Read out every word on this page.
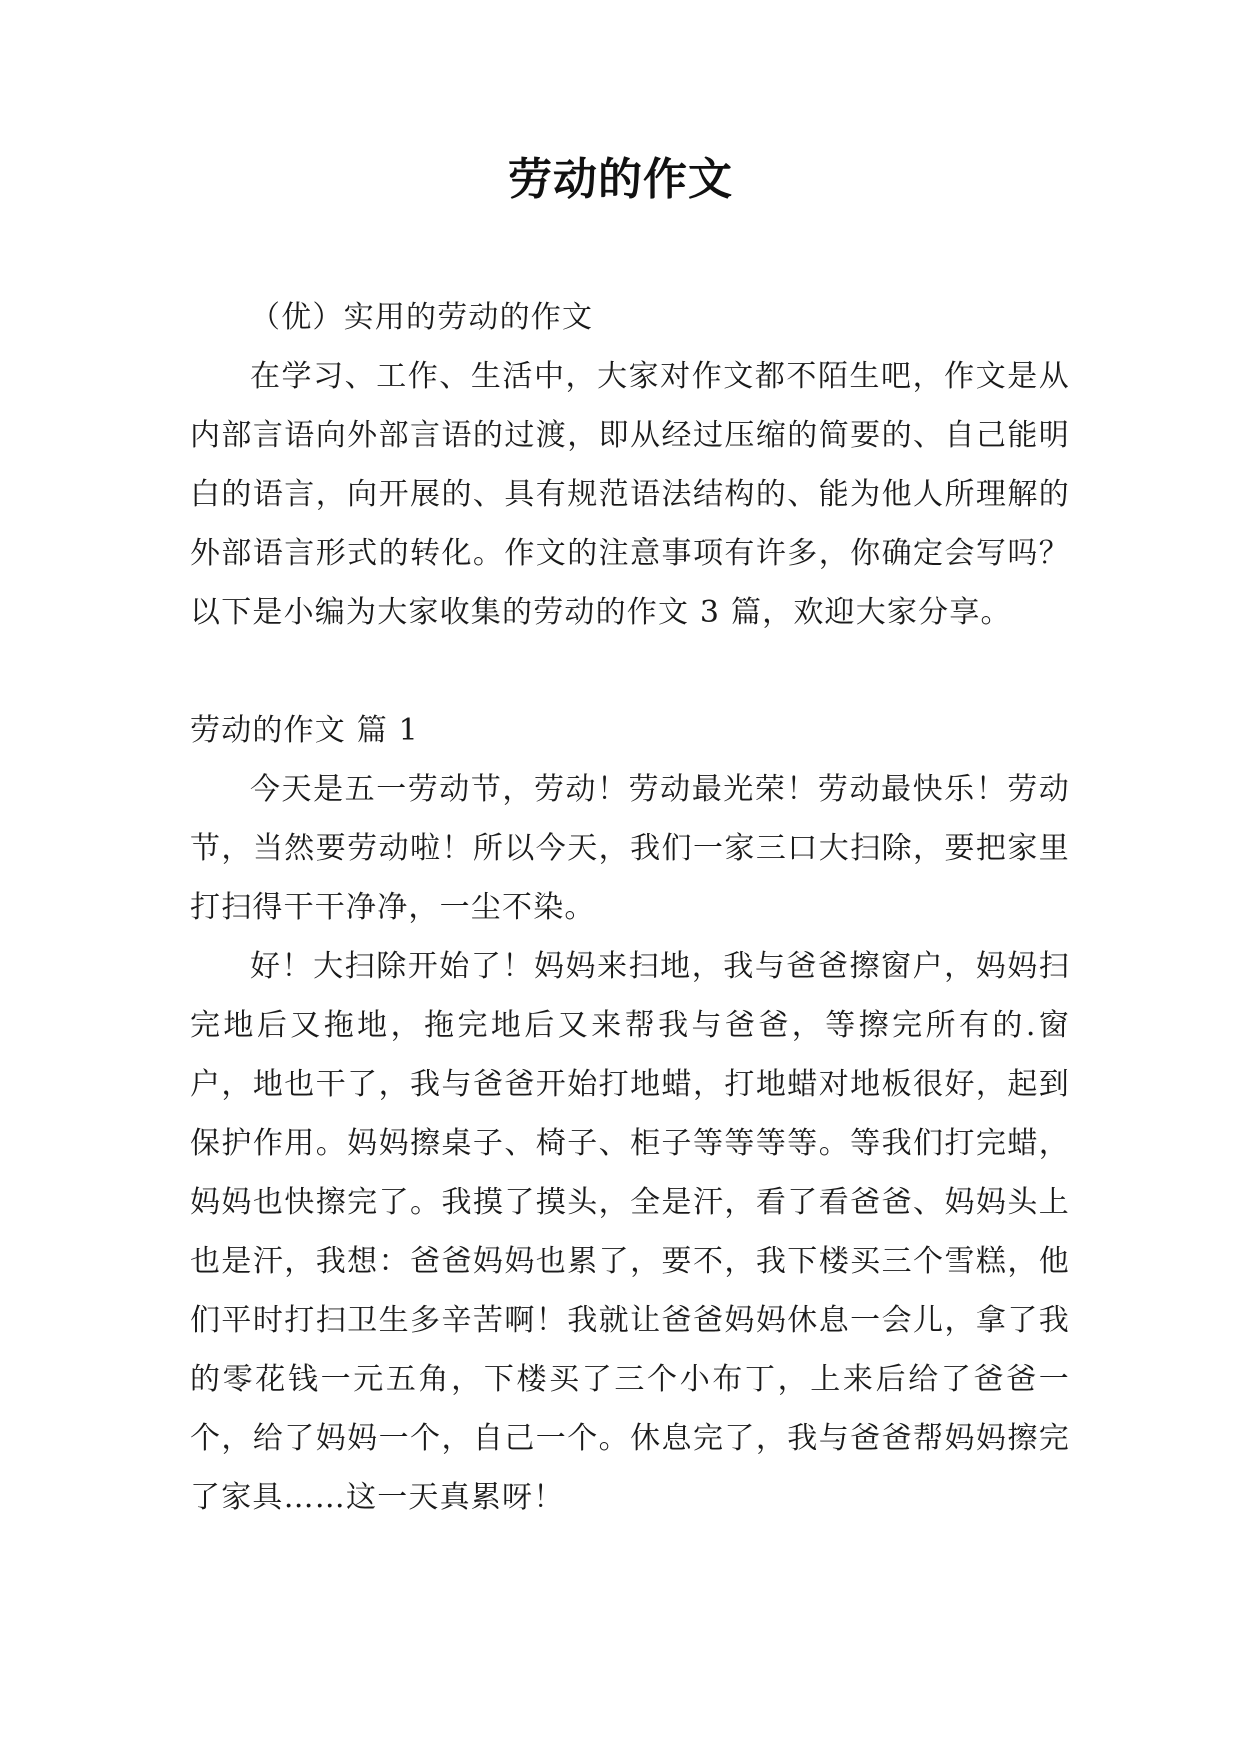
劳动的作文

（优）实用的劳动的作文

在学习、工作、生活中，大家对作文都不陌生吧，作文是从内部言语向外部言语的过渡，即从经过压缩的简要的、自己能明白的语言，向开展的、具有规范语法结构的、能为他人所理解的外部语言形式的转化。作文的注意事项有许多，你确定会写吗？以下是小编为大家收集的劳动的作文 3 篇，欢迎大家分享。

劳动的作文 篇 1

今天是五一劳动节，劳动！劳动最光荣！劳动最快乐！劳动节，当然要劳动啦！所以今天，我们一家三口大扫除，要把家里打扫得干干净净，一尘不染。

好！大扫除开始了！妈妈来扫地，我与爸爸擦窗户，妈妈扫完地后又拖地，拖完地后又来帮我与爸爸，等擦完所有的.窗户，地也干了，我与爸爸开始打地蜡，打地蜡对地板很好，起到保护作用。妈妈擦桌子、椅子、柜子等等等等。等我们打完蜡，妈妈也快擦完了。我摸了摸头，全是汗，看了看爸爸、妈妈头上也是汗，我想：爸爸妈妈也累了，要不，我下楼买三个雪糕，他们平时打扫卫生多辛苦啊！我就让爸爸妈妈休息一会儿，拿了我的零花钱一元五角，下楼买了三个小布丁，上来后给了爸爸一个，给了妈妈一个，自己一个。休息完了，我与爸爸帮妈妈擦完了家具……这一天真累呀！
